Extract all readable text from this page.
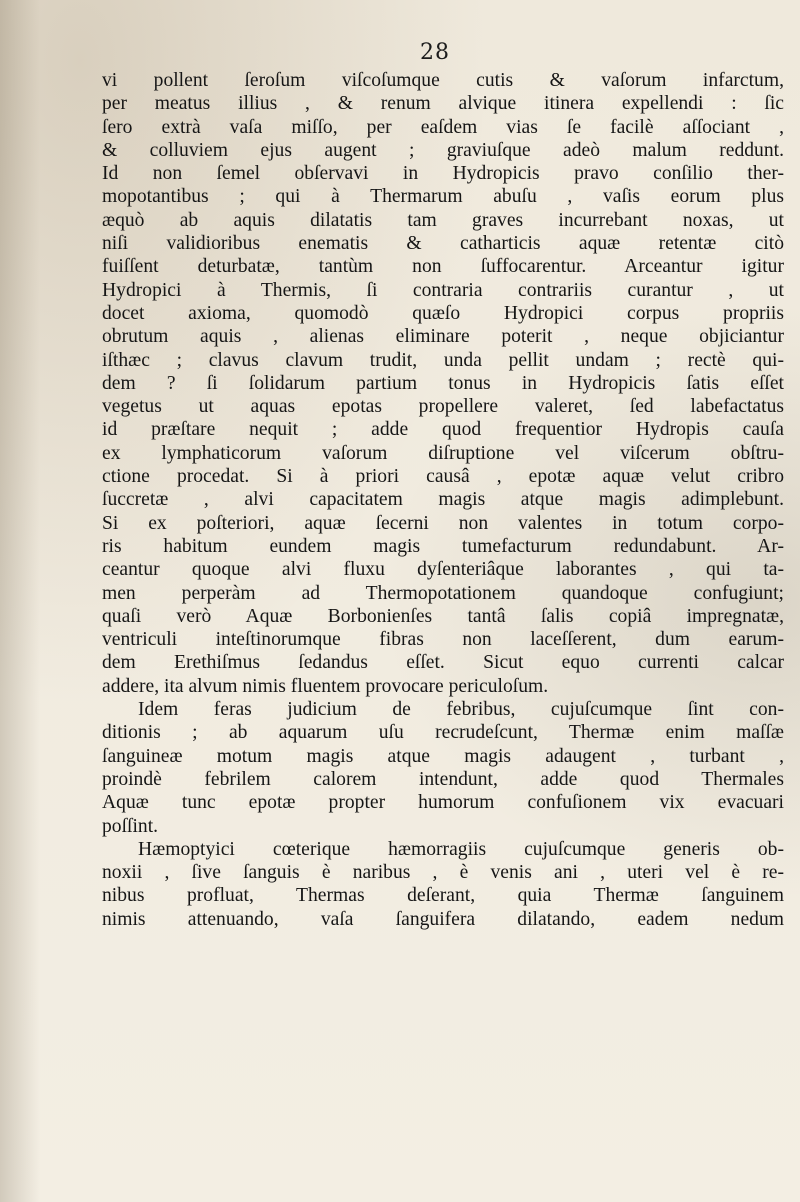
28
vi pollent ſeroſum viſcoſumque cutis & vaſorum infarctum,
per meatus illius , & renum alvique itinera expellendi : ſic
ſero extrà vaſa miſſo, per eaſdem vias ſe facilè aſſociant ,
& colluviem ejus augent ; graviuſque adeò malum reddunt.
Id non ſemel obſervavi in Hydropicis pravo conſilio ther-
mopotantibus ; qui à Thermarum abuſu , vaſis eorum plus
æquò ab aquis dilatatis tam graves incurrebant noxas, ut
niſi validioribus enematis & catharticis aquæ retentæ citò
fuiſſent deturbatæ, tantùm non ſuffocarentur. Arceantur igitur
Hydropici à Thermis, ſi contraria contrariis curantur , ut
docet axioma, quomodò quæſo Hydropici corpus propriis
obrutum aquis , alienas eliminare poterit , neque objiciantur
iſthæc ; clavus clavum trudit, unda pellit undam ; rectè qui-
dem ? ſi ſolidarum partium tonus in Hydropicis ſatis eſſet
vegetus ut aquas epotas propellere valeret, ſed labefactatus
id præſtare nequit ; adde quod frequentior Hydropis cauſa
ex lymphaticorum vaſorum diſruptione vel viſcerum obſtru-
ctione procedat. Si à priori causâ , epotæ aquæ velut cribro
ſuccretæ , alvi capacitatem magis atque magis adimplebunt.
Si ex poſteriori, aquæ ſecerni non valentes in totum corpo-
ris habitum eundem magis tumefacturum redundabunt. Ar-
ceantur quoque alvi fluxu dyſenteriâque laborantes , qui ta-
men perperàm ad Thermopotationem quandoque confugiunt;
quaſi verò Aquæ Borbonienſes tantâ ſalis copiâ impregnatæ,
ventriculi inteſtinorumque fibras non laceſſerent, dum earum-
dem Erethiſmus ſedandus eſſet. Sicut equo currenti calcar
addere, ita alvum nimis fluentem provocare periculoſum.
Idem feras judicium de febribus, cujuſcumque ſint con-
ditionis ; ab aquarum uſu recrudeſcunt, Thermæ enim maſſæ
ſanguineæ motum magis atque magis adaugent , turbant ,
proindè febrilem calorem intendunt, adde quod Thermales
Aquæ tunc epotæ propter humorum confuſionem vix evacuari
poſſint.
Hæmoptyici cœterique hæmorragiis cujuſcumque generis ob-
noxii , ſive ſanguis è naribus , è venis ani , uteri vel è re-
nibus profluat, Thermas deſerant, quia Thermæ ſanguinem
nimis attenuando, vaſa ſanguifera dilatando, eadem nedum
